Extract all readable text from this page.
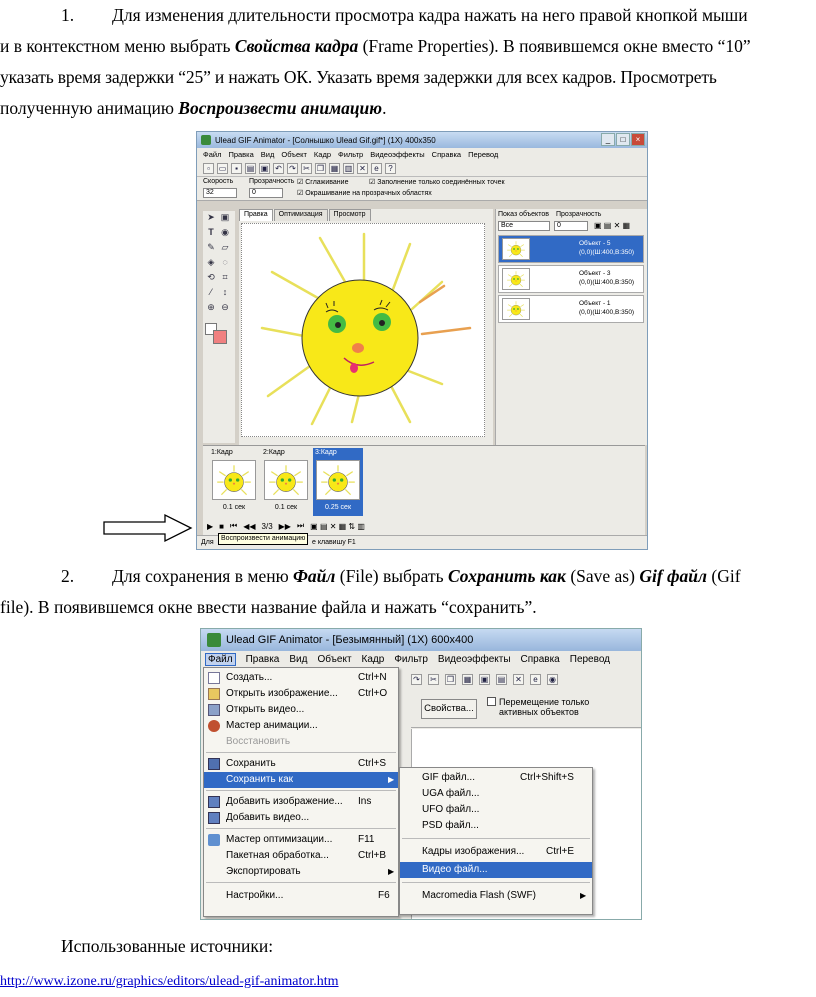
1. Для изменения длительности просмотра кадра нажать на него правой кнопкой мыши
и в контекстном меню выбрать Свойства кадра (Frame Properties). В появившемся окне вместо “10”
указать время задержки “25” и нажать ОК. Указать время задержки для всех кадров. Просмотреть
полученную анимацию Воспроизвести анимацию.
Ulead GIF Animator - [Солнышко Ulead Gif.gif*] (1X) 400x350	_	□	×
Файл Правка Вид Объект Кадр Фильтр Видеоэффекты Справка Перевод
▫	▭	▪	▤ ▣ ↶ ↷ ✂ ❐ ▦ ▥ ✕	e	?
Скорость
32
Прозрачность
0
☑ Сглаживание	☑ Заполнение только соединённых точек
☑ Окрашивание на прозрачных областях
➤ ▣
T ◉
✎ ▱
◈ ◌
⟲ ⌗
⁄	↕
⊕ ⊖
Правка	Оптимизация	Просмотр	Показ объектов Прозрачность
Все	0	▣ ▤ ✕ ▦
Объект - 5
(0,0)(Ш:400,В:350)
Объект - 3
(0,0)(Ш:400,В:350)
Объект - 1
(0,0)(Ш:400,В:350)
1:Кадр
0.1 сек
2:Кадр
0.1 сек
3:Кадр
0.25 сек
▶ ■ ⏮ ◀◀ 3/3 ▶▶ ⏭ ▣ ▤ ✕ ▦ ⇅ ▥
Для	е клавишу F1
Воспроизвести анимацию
2. Для сохранения в меню Файл (File) выбрать Сохранить как (Save as) Gif файл (Gif
file). В появившемся окне ввести название файла и нажать “сохранить”.
Ulead GIF Animator - [Безымянный] (1X) 600x400
Файл	Правка Вид Объект Кадр Фильтр Видеоэффекты Справка Перевод
↷ ✂ ❐ ▦ ▣ ▤ ✕	e	◉
Свойства...
Перемещение только
активных объектов
Создать...	Ctrl+N
Открыть изображение... Ctrl+O
Открыть видео...
Мастер анимации...
Восстановить
Сохранить	Ctrl+S
Сохранить как	▶
Добавить изображение... Ins
Добавить видео...
Мастер оптимизации...	F11
Пакетная обработка...	Ctrl+B
Экспортировать	▶
Настройки...	F6
GIF файл...	Ctrl+Shift+S
UGA файл...
UFO файл...
PSD файл...
Кадры изображения... Ctrl+E
Видео файл...
Macromedia Flash (SWF)	▶
Использованные источники:
http://www.izone.ru/graphics/editors/ulead-gif-animator.htm
